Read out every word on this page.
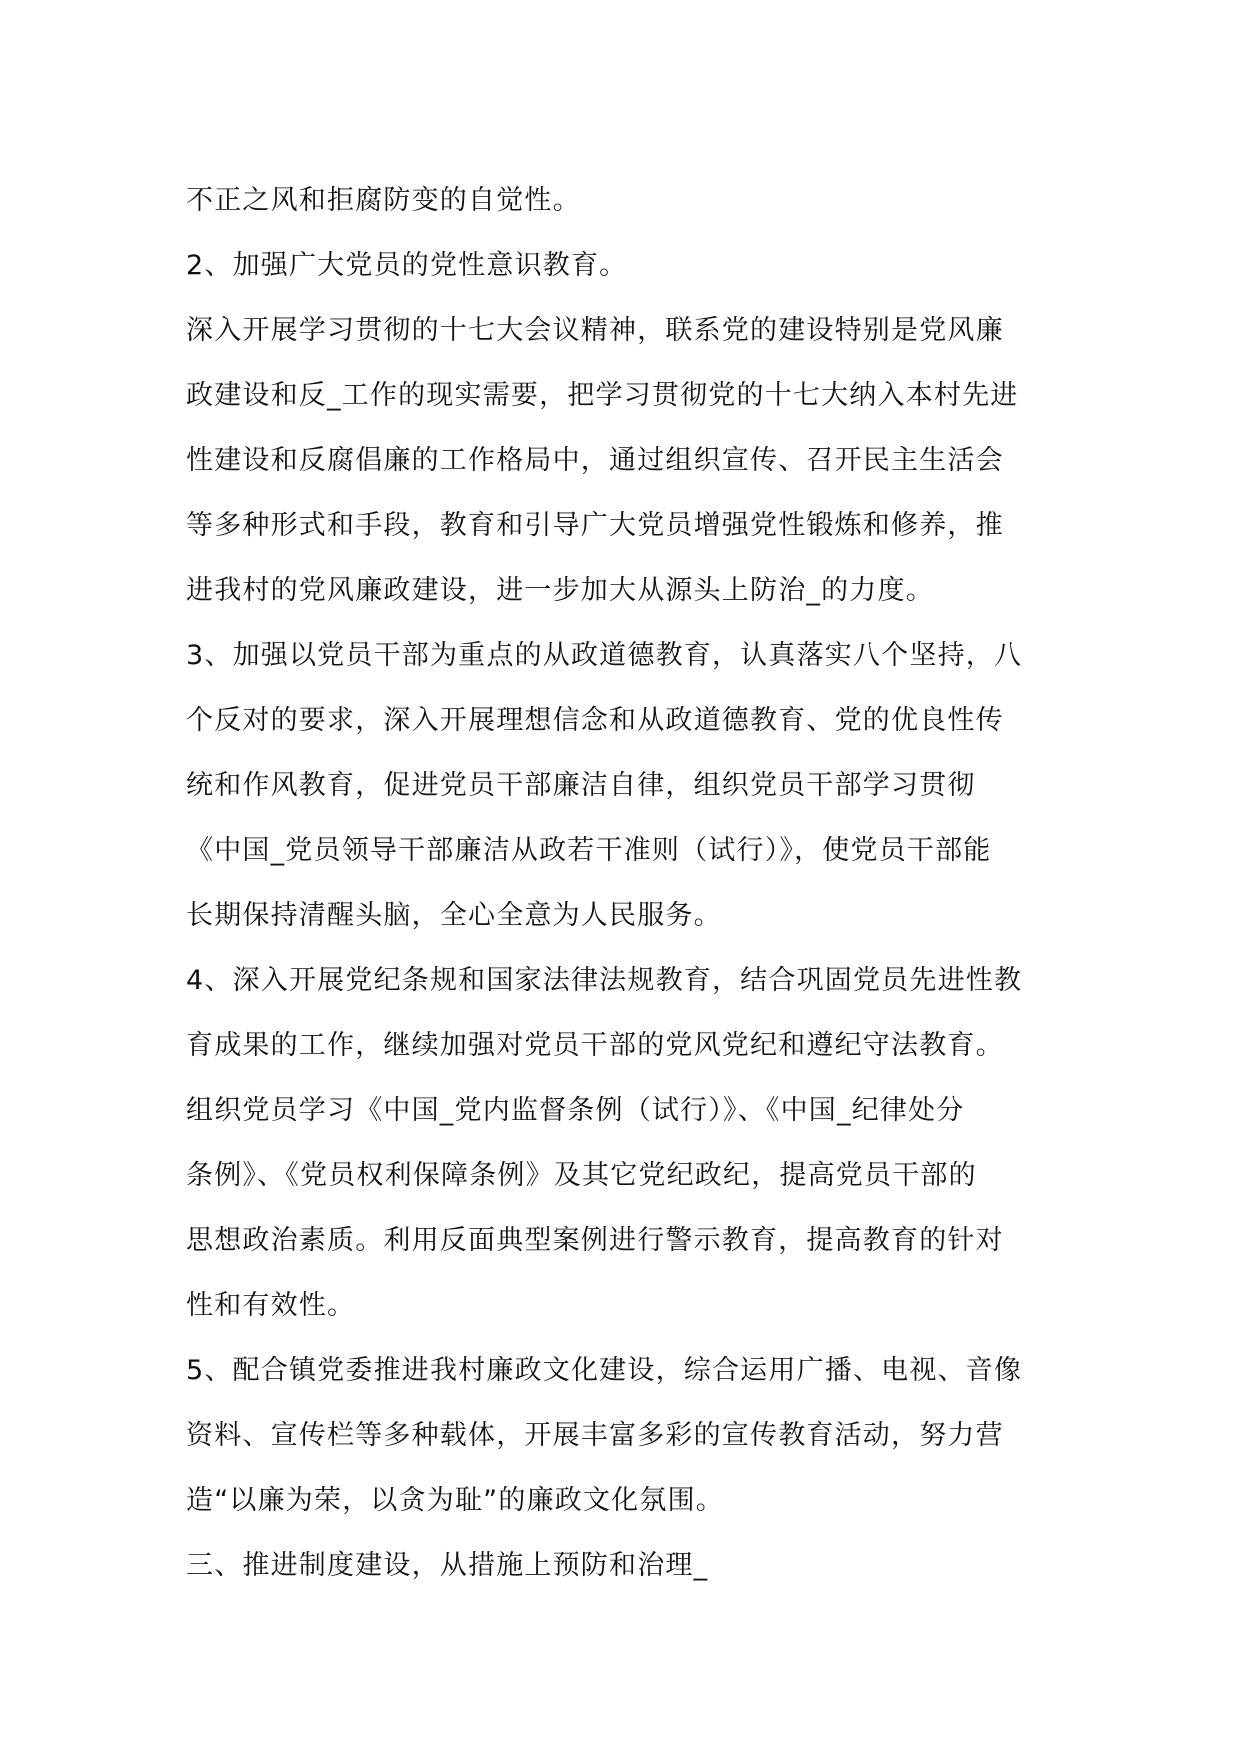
不正之风和拒腐防变的自觉性。
2、加强广大党员的党性意识教育。
深入开展学习贯彻的十七大会议精神，联系党的建设特别是党风廉
政建设和反_工作的现实需要，把学习贯彻党的十七大纳入本村先进
性建设和反腐倡廉的工作格局中，通过组织宣传、召开民主生活会
等多种形式和手段，教育和引导广大党员增强党性锻炼和修养，推
进我村的党风廉政建设，进一步加大从源头上防治_的力度。
3、加强以党员干部为重点的从政道德教育，认真落实八个坚持，八
个反对的要求，深入开展理想信念和从政道德教育、党的优良性传
统和作风教育，促进党员干部廉洁自律，组织党员干部学习贯彻
《中国_党员领导干部廉洁从政若干准则（试行）》，使党员干部能
长期保持清醒头脑，全心全意为人民服务。
4、深入开展党纪条规和国家法律法规教育，结合巩固党员先进性教
育成果的工作，继续加强对党员干部的党风党纪和遵纪守法教育。
组织党员学习《中国_党内监督条例（试行）》、《中国_纪律处分
条例》、《党员权利保障条例》及其它党纪政纪，提高党员干部的
思想政治素质。利用反面典型案例进行警示教育，提高教育的针对
性和有效性。
5、配合镇党委推进我村廉政文化建设，综合运用广播、电视、音像
资料、宣传栏等多种载体，开展丰富多彩的宣传教育活动，努力营
造“以廉为荣，以贪为耻”的廉政文化氛围。
三、推进制度建设，从措施上预防和治理_
